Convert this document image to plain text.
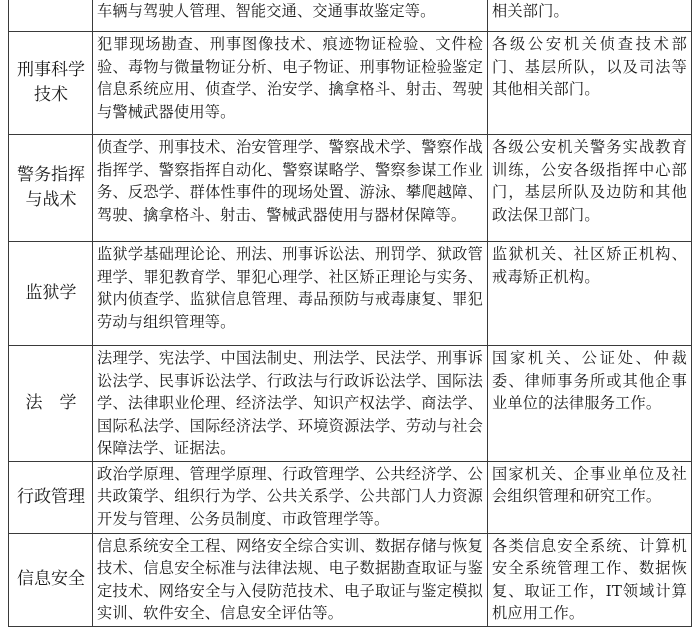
	车辆与驾驶人管理、智能交通、交通事故鉴定等。	相关部门。
刑事科学技术	犯罪现场勘查、刑事图像技术、痕迹物证检验、文件检验、毒物与微量物证分析、电子物证、刑事物证检验鉴定信息系统应用、侦查学、治安学、擒拿格斗、射击、驾驶与警械武器使用等。	各级公安机关侦查技术部门、基层所队，以及司法等其他相关部门。
警务指挥与战术	侦查学、刑事技术、治安管理学、警察战术学、警察作战指挥学、警察指挥自动化、警察谋略学、警察参谋工作业务、反恐学、群体性事件的现场处置、游泳、攀爬越障、驾驶、擒拿格斗、射击、警械武器使用与器材保障等。	各级公安机关警务实战教育训练，公安各级指挥中心部门，基层所队及边防和其他政法保卫部门。
监狱学	监狱学基础理论论、刑法、刑事诉讼法、刑罚学、狱政管理学、罪犯教育学、罪犯心理学、社区矫正理论与实务、狱内侦查学、监狱信息管理、毒品预防与戒毒康复、罪犯劳动与组织管理等。	监狱机关、社区矫正机构、戒毒矫正机构。
法　学	法理学、宪法学、中国法制史、刑法学、民法学、刑事诉讼法学、民事诉讼法学、行政法与行政诉讼法学、国际法学、法律职业伦理、经济法学、知识产权法学、商法学、国际私法学、国际经济法学、环境资源法学、劳动与社会保障法学、证据法。	国家机关、公证处、仲裁委、律师事务所或其他企事业单位的法律服务工作。
行政管理	政治学原理、管理学原理、行政管理学、公共经济学、公共政策学、组织行为学、公共关系学、公共部门人力资源开发与管理、公务员制度、市政管理学等。	国家机关、企事业单位及社会组织管理和研究工作。
信息安全	信息系统安全工程、网络安全综合实训、数据存储与恢复技术、信息安全标准与法律法规、电子数据勘查取证与鉴定技术、网络安全与入侵防范技术、电子取证与鉴定模拟实训、软件安全、信息安全评估等。	各类信息安全系统、计算机安全系统管理工作、数据恢复、取证工作，IT领域计算机应用工作。
